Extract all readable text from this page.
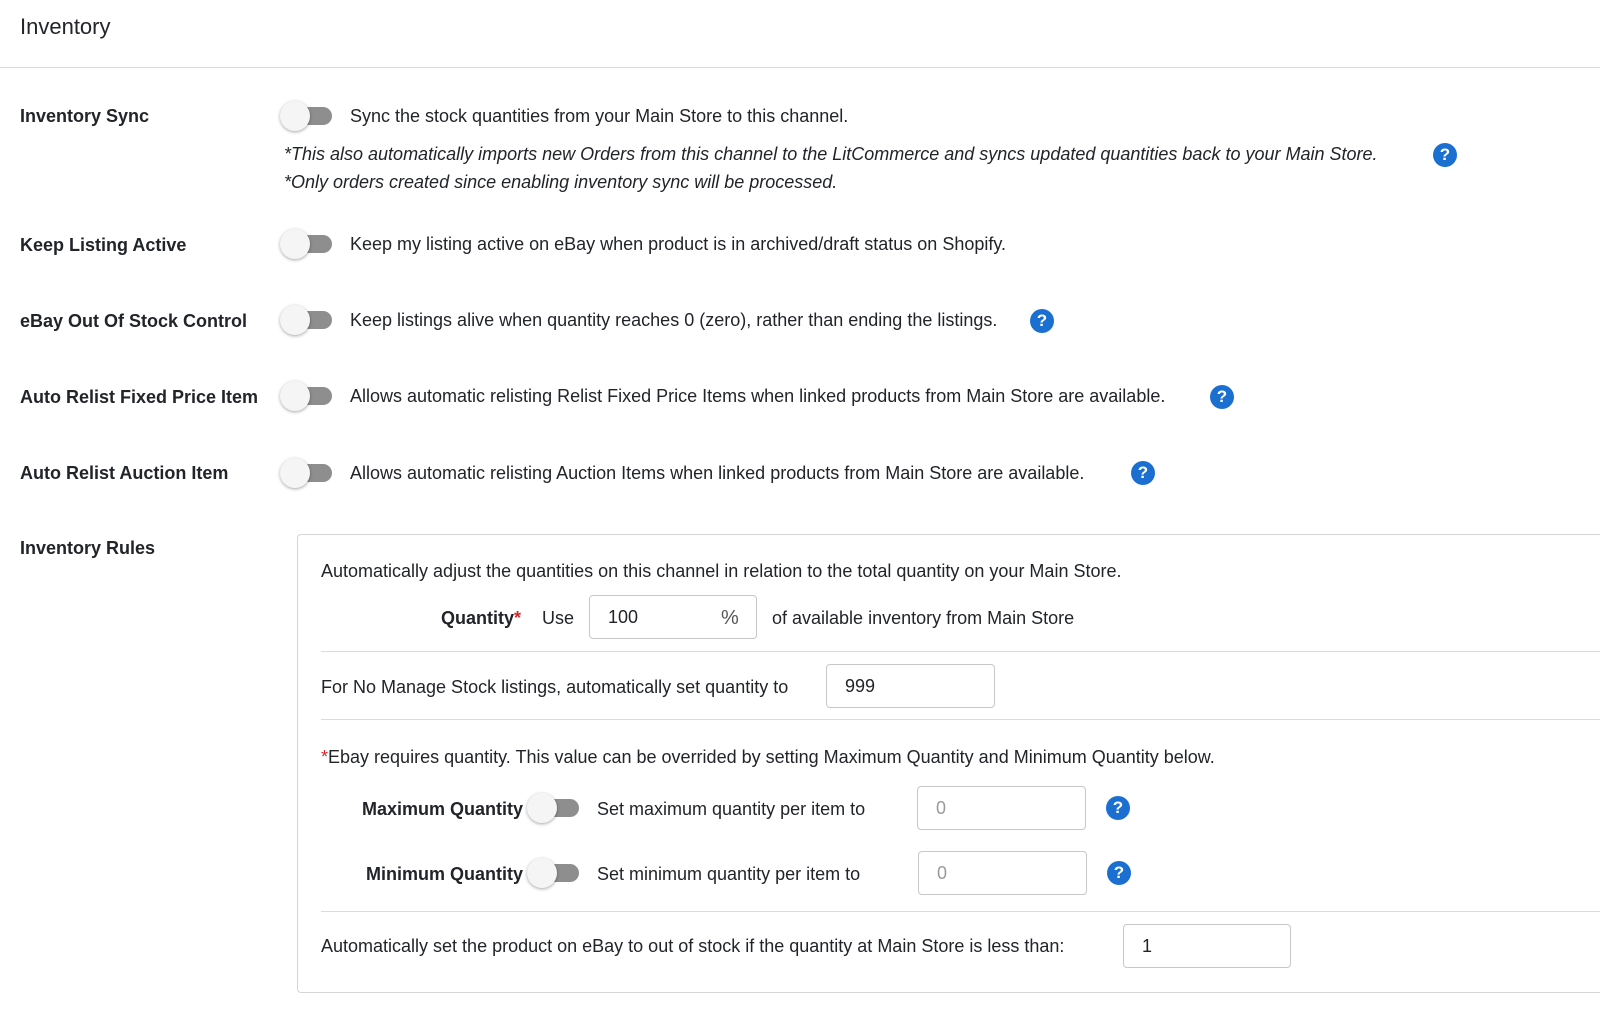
Inventory
Inventory Sync	Sync the stock quantities from your Main Store to this channel.
*This also automatically imports new Orders from this channel to the LitCommerce and syncs updated quantities back to your Main Store.	?
*Only orders created since enabling inventory sync will be processed.
Keep Listing Active	Keep my listing active on eBay when product is in archived/draft status on Shopify.
eBay Out Of Stock Control	Keep listings alive when quantity reaches 0 (zero), rather than ending the listings.	?
Auto Relist Fixed Price Item	Allows automatic relisting Relist Fixed Price Items when linked products from Main Store are available.	?
Auto Relist Auction Item	Allows automatic relisting Auction Items when linked products from Main Store are available.	?
Inventory Rules
Automatically adjust the quantities on this channel in relation to the total quantity on your Main Store.
Quantity* Use	100	% of available inventory from Main Store
For No Manage Stock listings, automatically set quantity to	999
*Ebay requires quantity. This value can be overrided by setting Maximum Quantity and Minimum Quantity below.
Maximum Quantity	Set maximum quantity per item to	0	?
Minimum Quantity	Set minimum quantity per item to	0	?
Automatically set the product on eBay to out of stock if the quantity at Main Store is less than:	1
